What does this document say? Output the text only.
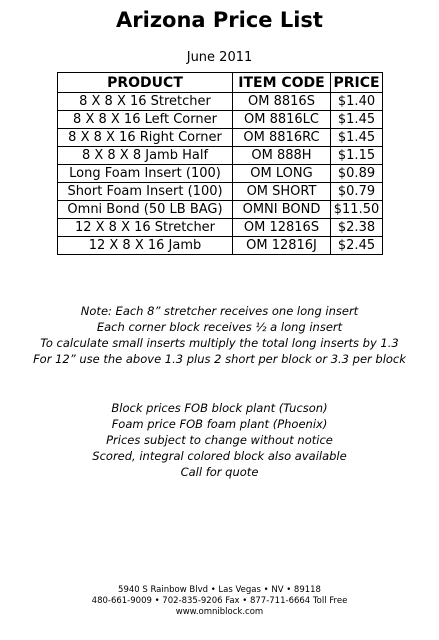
Arizona Price List
June 2011
PRODUCT	ITEM CODE	PRICE
8 X 8 X 16 Stretcher	OM 8816S	$1.40
8 X 8 X 16 Left Corner	OM 8816LC	$1.45
8 X 8 X 16 Right Corner	OM 8816RC	$1.45
8 X 8 X 8 Jamb Half	OM 888H	$1.15
Long Foam Insert (100)	OM LONG	$0.89
Short Foam Insert (100)	OM SHORT	$0.79
Omni Bond (50 LB BAG)	OMNI BOND	$11.50
12 X 8 X 16 Stretcher	OM 12816S	$2.38
12 X 8 X 16 Jamb	OM 12816J	$2.45
Note: Each 8” stretcher receives one long insert
Each corner block receives ½ a long insert
To calculate small inserts multiply the total long inserts by 1.3
For 12” use the above 1.3 plus 2 short per block or 3.3 per block
Block prices FOB block plant (Tucson)
Foam price FOB foam plant (Phoenix)
Prices subject to change without notice
Scored, integral colored block also available
Call for quote
5940 S Rainbow Blvd • Las Vegas • NV • 89118
480-661-9009 • 702-835-9206 Fax • 877-711-6664 Toll Free
www.omniblock.com
